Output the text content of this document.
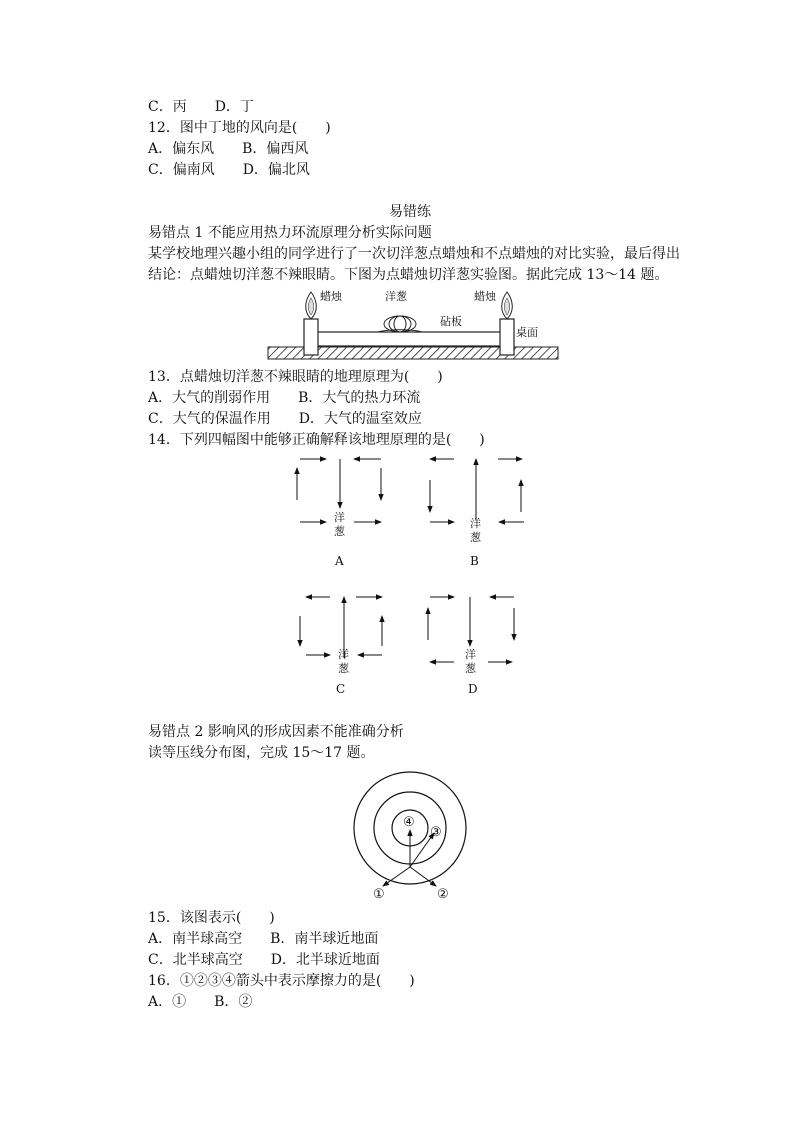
C．丙　　D．丁
12．图中丁地的风向是(　　)
A．偏东风　　B．偏西风
C．偏南风　　D．偏北风
易错练
易错点 1 不能应用热力环流原理分析实际问题
某学校地理兴趣小组的同学进行了一次切洋葱点蜡烛和不点蜡烛的对比实验，最后得出
结论：点蜡烛切洋葱不辣眼睛。下图为点蜡烛切洋葱实验图。据此完成 13～14 题。
蜡烛	洋葱	蜡烛
砧板
桌面
13．点蜡烛切洋葱不辣眼睛的地理原理为(　　)
A．大气的削弱作用　　B．大气的热力环流
C．大气的保温作用　　D．大气的温室效应
14．下列四幅图中能够正确解释该地理原理的是(　　)
洋
葱
A
洋
葱
B
洋
葱
C
洋
葱
D
易错点 2 影响风的形成因素不能准确分析
读等压线分布图，完成 15～17 题。
①	②
③
④
15．该图表示(　　)
A．南半球高空　　B．南半球近地面
C．北半球高空　　D．北半球近地面
16．①②③④箭头中表示摩擦力的是(　　)
A．①　　B．②
